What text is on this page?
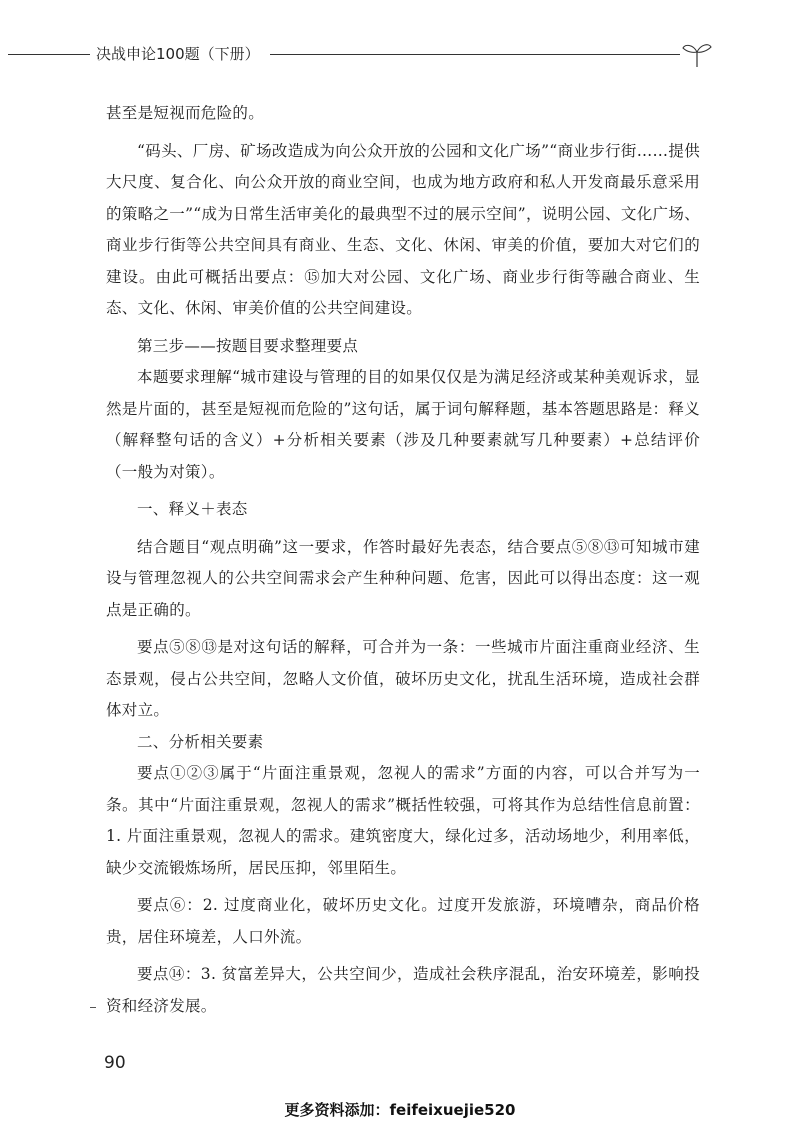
决战申论100题（下册）

甚至是短视而危险的。

“码头、厂房、矿场改造成为向公众开放的公园和文化广场”“商业步行街……提供大尺度、复合化、向公众开放的商业空间，也成为地方政府和私人开发商最乐意采用的策略之一”“成为日常生活审美化的最典型不过的展示空间”，说明公园、文化广场、商业步行街等公共空间具有商业、生态、文化、休闲、审美的价值，要加大对它们的建设。由此可概括出要点：⑮加大对公园、文化广场、商业步行街等融合商业、生态、文化、休闲、审美价值的公共空间建设。

第三步——按题目要求整理要点

本题要求理解“城市建设与管理的目的如果仅仅是为满足经济或某种美观诉求，显然是片面的，甚至是短视而危险的”这句话，属于词句解释题，基本答题思路是：释义（解释整句话的含义）+分析相关要素（涉及几种要素就写几种要素）+总结评价（一般为对策）。

一、释义＋表态

结合题目“观点明确”这一要求，作答时最好先表态，结合要点⑤⑧⑬可知城市建设与管理忽视人的公共空间需求会产生种种问题、危害，因此可以得出态度：这一观点是正确的。

要点⑤⑧⑬是对这句话的解释，可合并为一条：一些城市片面注重商业经济、生态景观，侵占公共空间，忽略人文价值，破坏历史文化，扰乱生活环境，造成社会群体对立。

二、分析相关要素

要点①②③属于“片面注重景观，忽视人的需求”方面的内容，可以合并写为一条。其中“片面注重景观，忽视人的需求”概括性较强，可将其作为总结性信息前置：1. 片面注重景观，忽视人的需求。建筑密度大，绿化过多，活动场地少，利用率低，缺少交流锻炼场所，居民压抑，邻里陌生。

要点⑥：2. 过度商业化，破坏历史文化。过度开发旅游，环境嘈杂，商品价格贵，居住环境差，人口外流。

要点⑭：3. 贫富差异大，公共空间少，造成社会秩序混乱，治安环境差，影响投资和经济发展。

90
更多资料添加：feifeixuejie520
